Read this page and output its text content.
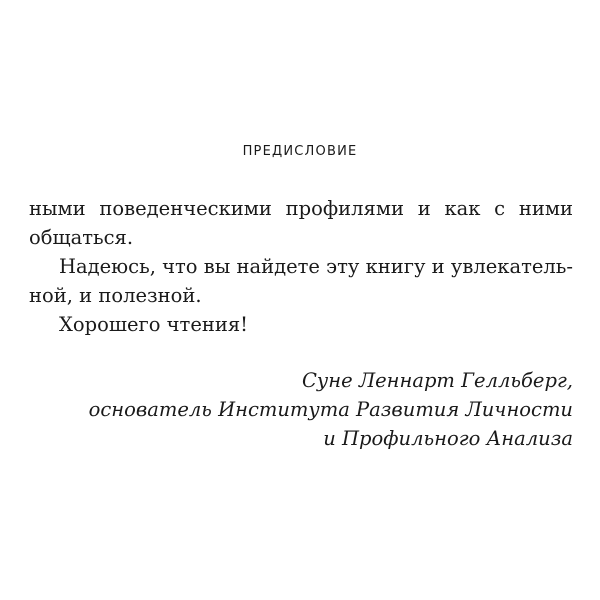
ПРЕДИСЛОВИЕ
ными поведенческими профилями и как с ними
общаться.
Надеюсь, что вы найдете эту книгу и увлекатель-
ной, и полезной.
Хорошего чтения!
Суне Леннарт Гелльберг,
основатель Института Развития Личности
и Профильного Анализа
